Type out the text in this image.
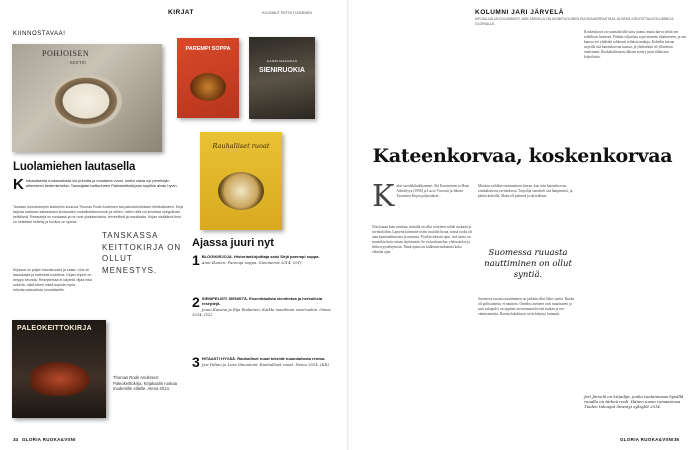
KIRJAT	KOONNUT RIITTA TUOMINEN
KIINNOSTAVAA!
POHJOISEN
KEITTIÖ
PAREMPI SOPPA
KAIKKI MAAILMAN
SIENIRUOKIA
Rauhalliset ruoat
Luolamiehen lautasella
K ivikautisesta ruokavaliosta voi puhutta ja muutama vuosi, mutta vasta nyt perehdyin aiheeseen tiedemieheksi. Tanssijatar tartturineen Paleokeittokirjaan sopiikin aivan hyvin.
Tanskan tunnetuimpiin kokkeihin kuuluva Thomas Rode Andersen sai paleotoimituksen tehtäväkseen. Kirja tarjoaa kattavan katsauksen kivikauden ruokailutottumuksiin ja siihen, miten niitä voi soveltaa nykypäivän keittiössä. Reseptejä on runsaasti ja ne ovat yksinkertaisia, terveellisiä ja maukkaita. Kirjan sisältämä tieto on selkeästi esitetty ja kuvitus on upeaa.
Kirjassa on paljon kasvisruokia ja kalaa. Liha on laadukasta ja eettisesti tuotettua. Kirjan ohjeet on helppo seurata. Resepteissä ei käytetä viljaa eikä sokeria, mikä tekee niistä sopivia myös erikoisruokavaliota noudattaville.
TANSKASSA KEITTOKIRJA ON OLLUT MENESTYS.
Ajassa juuri nyt
1 BLOGIKIRJOJA. Historiankirjoittaja saisi Sirjä parempi soppa.
Anni Ikonen: Parempi soppa. Gummerus 2014. (OT)
2 SIENIPELISTI SIENISTÄ. Essentiaalista sienitietoa ja herkullisia reseptejä.
Jouni Kuisma ja Eija Ihalainen: Kaikki maailman sieniruokia. Otava 2014. (VL)
3 HITAASTI HYVÄÄ. Rauhalliset ruoat tekevät ruuanlaitosta rentoa.
Jari Palmu ja Liisa Ilmoniemi: Rauhalliset ruoat. Nemo 2014. (KR)
PALEOKEITTOKIRJA
Thomas Rode Andersen: Paleokeittokirja. Kirjakaalin ruokaa modernille elitelle. Atena 2014.
34 GLORIA RUOKA&VIINI
KOLUMNI JARI JÄRVELÄ
KIRJAILIJA JA KOLUMNISTI JARI JÄRVELÄ ON MONIPUOLINEN RUOKAHARRASTAJA JA SEKÄ KIRJOITTAA KOLUMNEJA GLORIALLE.
Kateenkorvaa, koskenkorvaa
K aksi suosikkikokkiamme, Aki Kauriminen ja Hans Ashrafiyya (1996) ja Lucio Vioconti ja Juhani Tuomisen Kirjaa paljastukset...
Niin kauan kuin muistan, minulla on ollut erityinen suhde ruokaan ja ravintoloihin. Lapsena kävimme usein isoäidin luona, missä ruoka oli aina kunnianhimoista ja runsasta. Pöydän ääressä opin, että ateria on muutakin kuin vatsan täyttämistä. Se on keskustelua, yhdessäoloa ja hetken pysähtymistä. Tämä ajatus on kulkenut mukanani koko elämäni ajan.
Muistan vieläkin ensimmäisen kerran, kun söin kateenkorvaa ranskalaisessa ravintolassa. Tarjoilija suositteli sitä lämpimästi, ja päätin kokeilla. Maku oli pehmeä ja täyteläinen.
Suomessa ruuasta nauttiminen on ollut syntiä.
Suomessa ruuasta nauttiminen on pitkään ollut lähes syntiä. Ruoka oli polttoainetta, ei nautinto. Onneksi asenteet ovat muuttuneet ja uusi sukupolvi on oppinut arvostamaan hyvää ruokaa ja sen valmistamista. Ravintolakulttuuri on kehittynyt huimasti.
Koskenkorva on suomalaisille tuttu juoma, mutta harva tietää sen todellisen luonteen. Puhdas viljaviina sopii moneen tilanteeseen, ja sen kanssa voi yhdistää rohkeasti erilaisia makuja. Kokeilin kerran tarjoilla sitä kateenkorvan kanssa, ja yhdistelmä oli yllättävän onnistunut. Ruokakulttuurin rikkaus syntyy juuri tällaisista kokeiluista.
Jari Järvelä on kirjailija, jonka tuotannossa hyvällä ruualla on tärkeä rooli. Hänen uusin romaaninsa Tuulen tuhoojat ilmestyi syksyllä 2014.
GLORIA RUOKA&VIINI 35
